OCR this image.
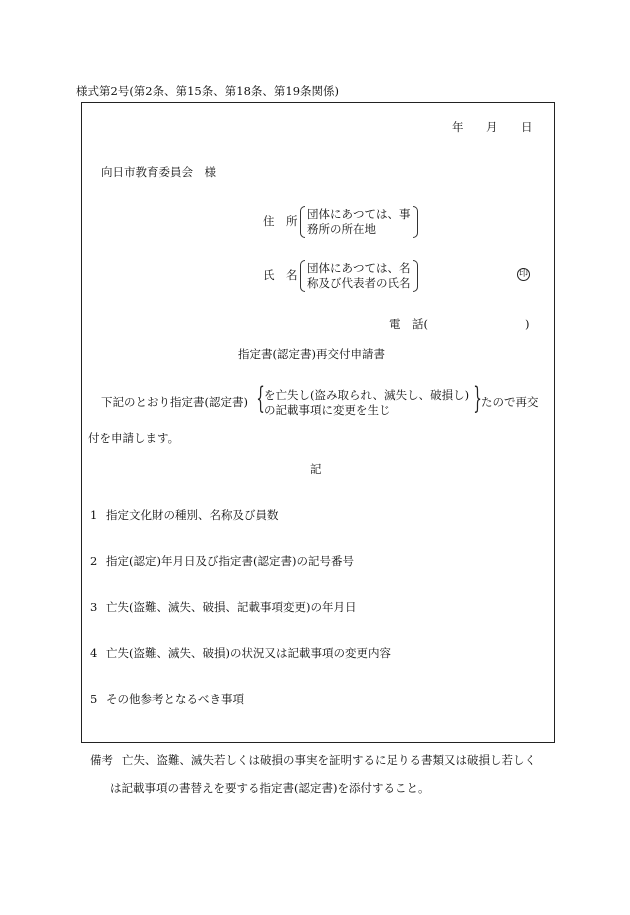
様式第2号(第2条、第15条、第18条、第19条関係)
年 月 日
向日市教育委員会　様
住　所 団体にあつては、事
務所の所在地
氏　名 団体にあつては、名
称及び代表者の氏名
印
電　話(	)
指定書(認定書)再交付申請書
下記のとおり指定書(認定書) { を亡失し(盗み取られ、滅失し、破損し)
の記載事項に変更を生じ	} たので再交
付を申請します。
記
1 指定文化財の種別、名称及び員数
2 指定(認定)年月日及び指定書(認定書)の記号番号
3 亡失(盗難、滅失、破損、記載事項変更)の年月日
4 亡失(盗難、滅失、破損)の状況又は記載事項の変更内容
5 その他参考となるべき事項
備考 亡失、盗難、滅失若しくは破損の事実を証明するに足りる書類又は破損し若しく
は記載事項の書替えを要する指定書(認定書)を添付すること。
